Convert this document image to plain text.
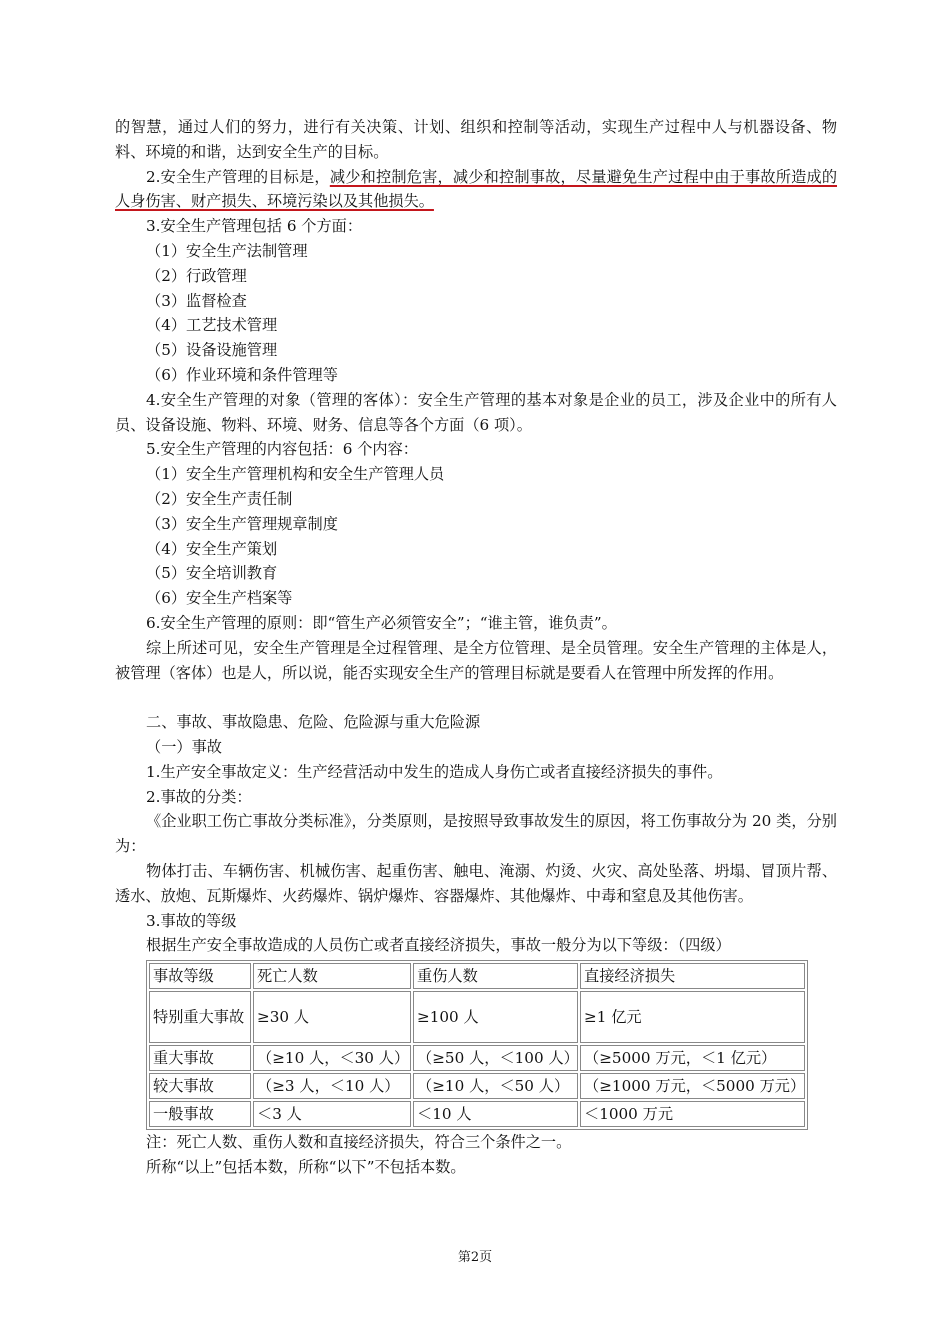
的智慧，通过人们的努力，进行有关决策、计划、组织和控制等活动，实现生产过程中人与机器设备、物料、环境的和谐，达到安全生产的目标。

2.安全生产管理的目标是，减少和控制危害，减少和控制事故，尽量避免生产过程中由于事故所造成的人身伤害、财产损失、环境污染以及其他损失。

3.安全生产管理包括 6 个方面：

（1）安全生产法制管理

（2）行政管理

（3）监督检查

（4）工艺技术管理

（5）设备设施管理

（6）作业环境和条件管理等

4.安全生产管理的对象（管理的客体）：安全生产管理的基本对象是企业的员工，涉及企业中的所有人员、设备设施、物料、环境、财务、信息等各个方面（6 项）。

5.安全生产管理的内容包括：6 个内容：

（1）安全生产管理机构和安全生产管理人员

（2）安全生产责任制

（3）安全生产管理规章制度

（4）安全生产策划

（5）安全培训教育

（6）安全生产档案等

6.安全生产管理的原则：即“管生产必须管安全”；“谁主管，谁负责”。

综上所述可见，安全生产管理是全过程管理、是全方位管理、是全员管理。安全生产管理的主体是人，被管理（客体）也是人，所以说，能否实现安全生产的管理目标就是要看人在管理中所发挥的作用。

二、事故、事故隐患、危险、危险源与重大危险源

（一）事故

1.生产安全事故定义：生产经营活动中发生的造成人身伤亡或者直接经济损失的事件。

2.事故的分类：

《企业职工伤亡事故分类标准》，分类原则，是按照导致事故发生的原因，将工伤事故分为 20 类，分别为：

物体打击、车辆伤害、机械伤害、起重伤害、触电、淹溺、灼烫、火灾、高处坠落、坍塌、冒顶片帮、透水、放炮、瓦斯爆炸、火药爆炸、锅炉爆炸、容器爆炸、其他爆炸、中毒和窒息及其他伤害。

3.事故的等级

根据生产安全事故造成的人员伤亡或者直接经济损失，事故一般分为以下等级：（四级）

事故等级	死亡人数	重伤人数	直接经济损失
特别重大事故	≥30 人	≥100 人	≥1 亿元
重大事故	（≥10 人，＜30 人）	（≥50 人，＜100 人）	（≥5000 万元，＜1 亿元）
较大事故	（≥3 人，＜10 人）	（≥10 人，＜50 人）	（≥1000 万元，＜5000 万元）
一般事故	＜3 人	＜10 人	＜1000 万元

注：死亡人数、重伤人数和直接经济损失，符合三个条件之一。

所称“以上”包括本数，所称“以下”不包括本数。

第2页
